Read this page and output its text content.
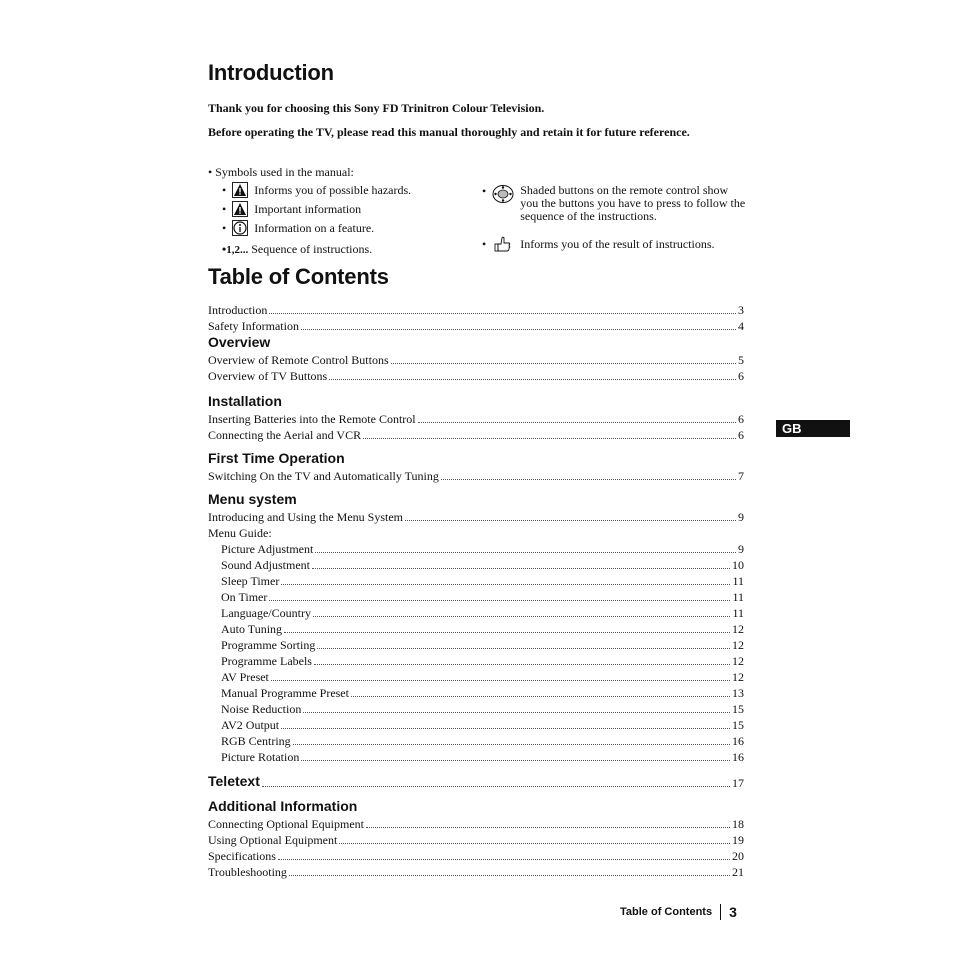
Introduction
Thank you for choosing this Sony FD Trinitron Colour Television.
Before operating the TV, please read this manual thoroughly and retain it for future reference.
• Symbols used in the manual:
• Informs you of possible hazards.
• Important information
• Information on a feature.
•1,2... Sequence of instructions.
•	Shaded buttons on the remote control show you the buttons you have to press to follow the sequence of the instructions.
•	Informs you of the result of instructions.
Table of Contents
Introduction	3
Safety Information	4
Overview
Overview of Remote Control Buttons	5
Overview of TV Buttons	6
Installation
Inserting Batteries into the Remote Control	6
Connecting the Aerial and VCR	6
First Time Operation
Switching On the TV and Automatically Tuning	7
Menu system
Introducing and Using the Menu System	9
Menu Guide:
Picture Adjustment	9
Sound Adjustment	10
Sleep Timer	11
On Timer	11
Language/Country	11
Auto Tuning	12
Programme Sorting	12
Programme Labels	12
AV Preset	12
Manual Programme Preset	13
Noise Reduction	15
AV2 Output	15
RGB Centring	16
Picture Rotation	16
Teletext	17
Additional Information
Connecting Optional Equipment	18
Using Optional Equipment	19
Specifications	20
Troubleshooting	21
GB
Table of Contents 3
